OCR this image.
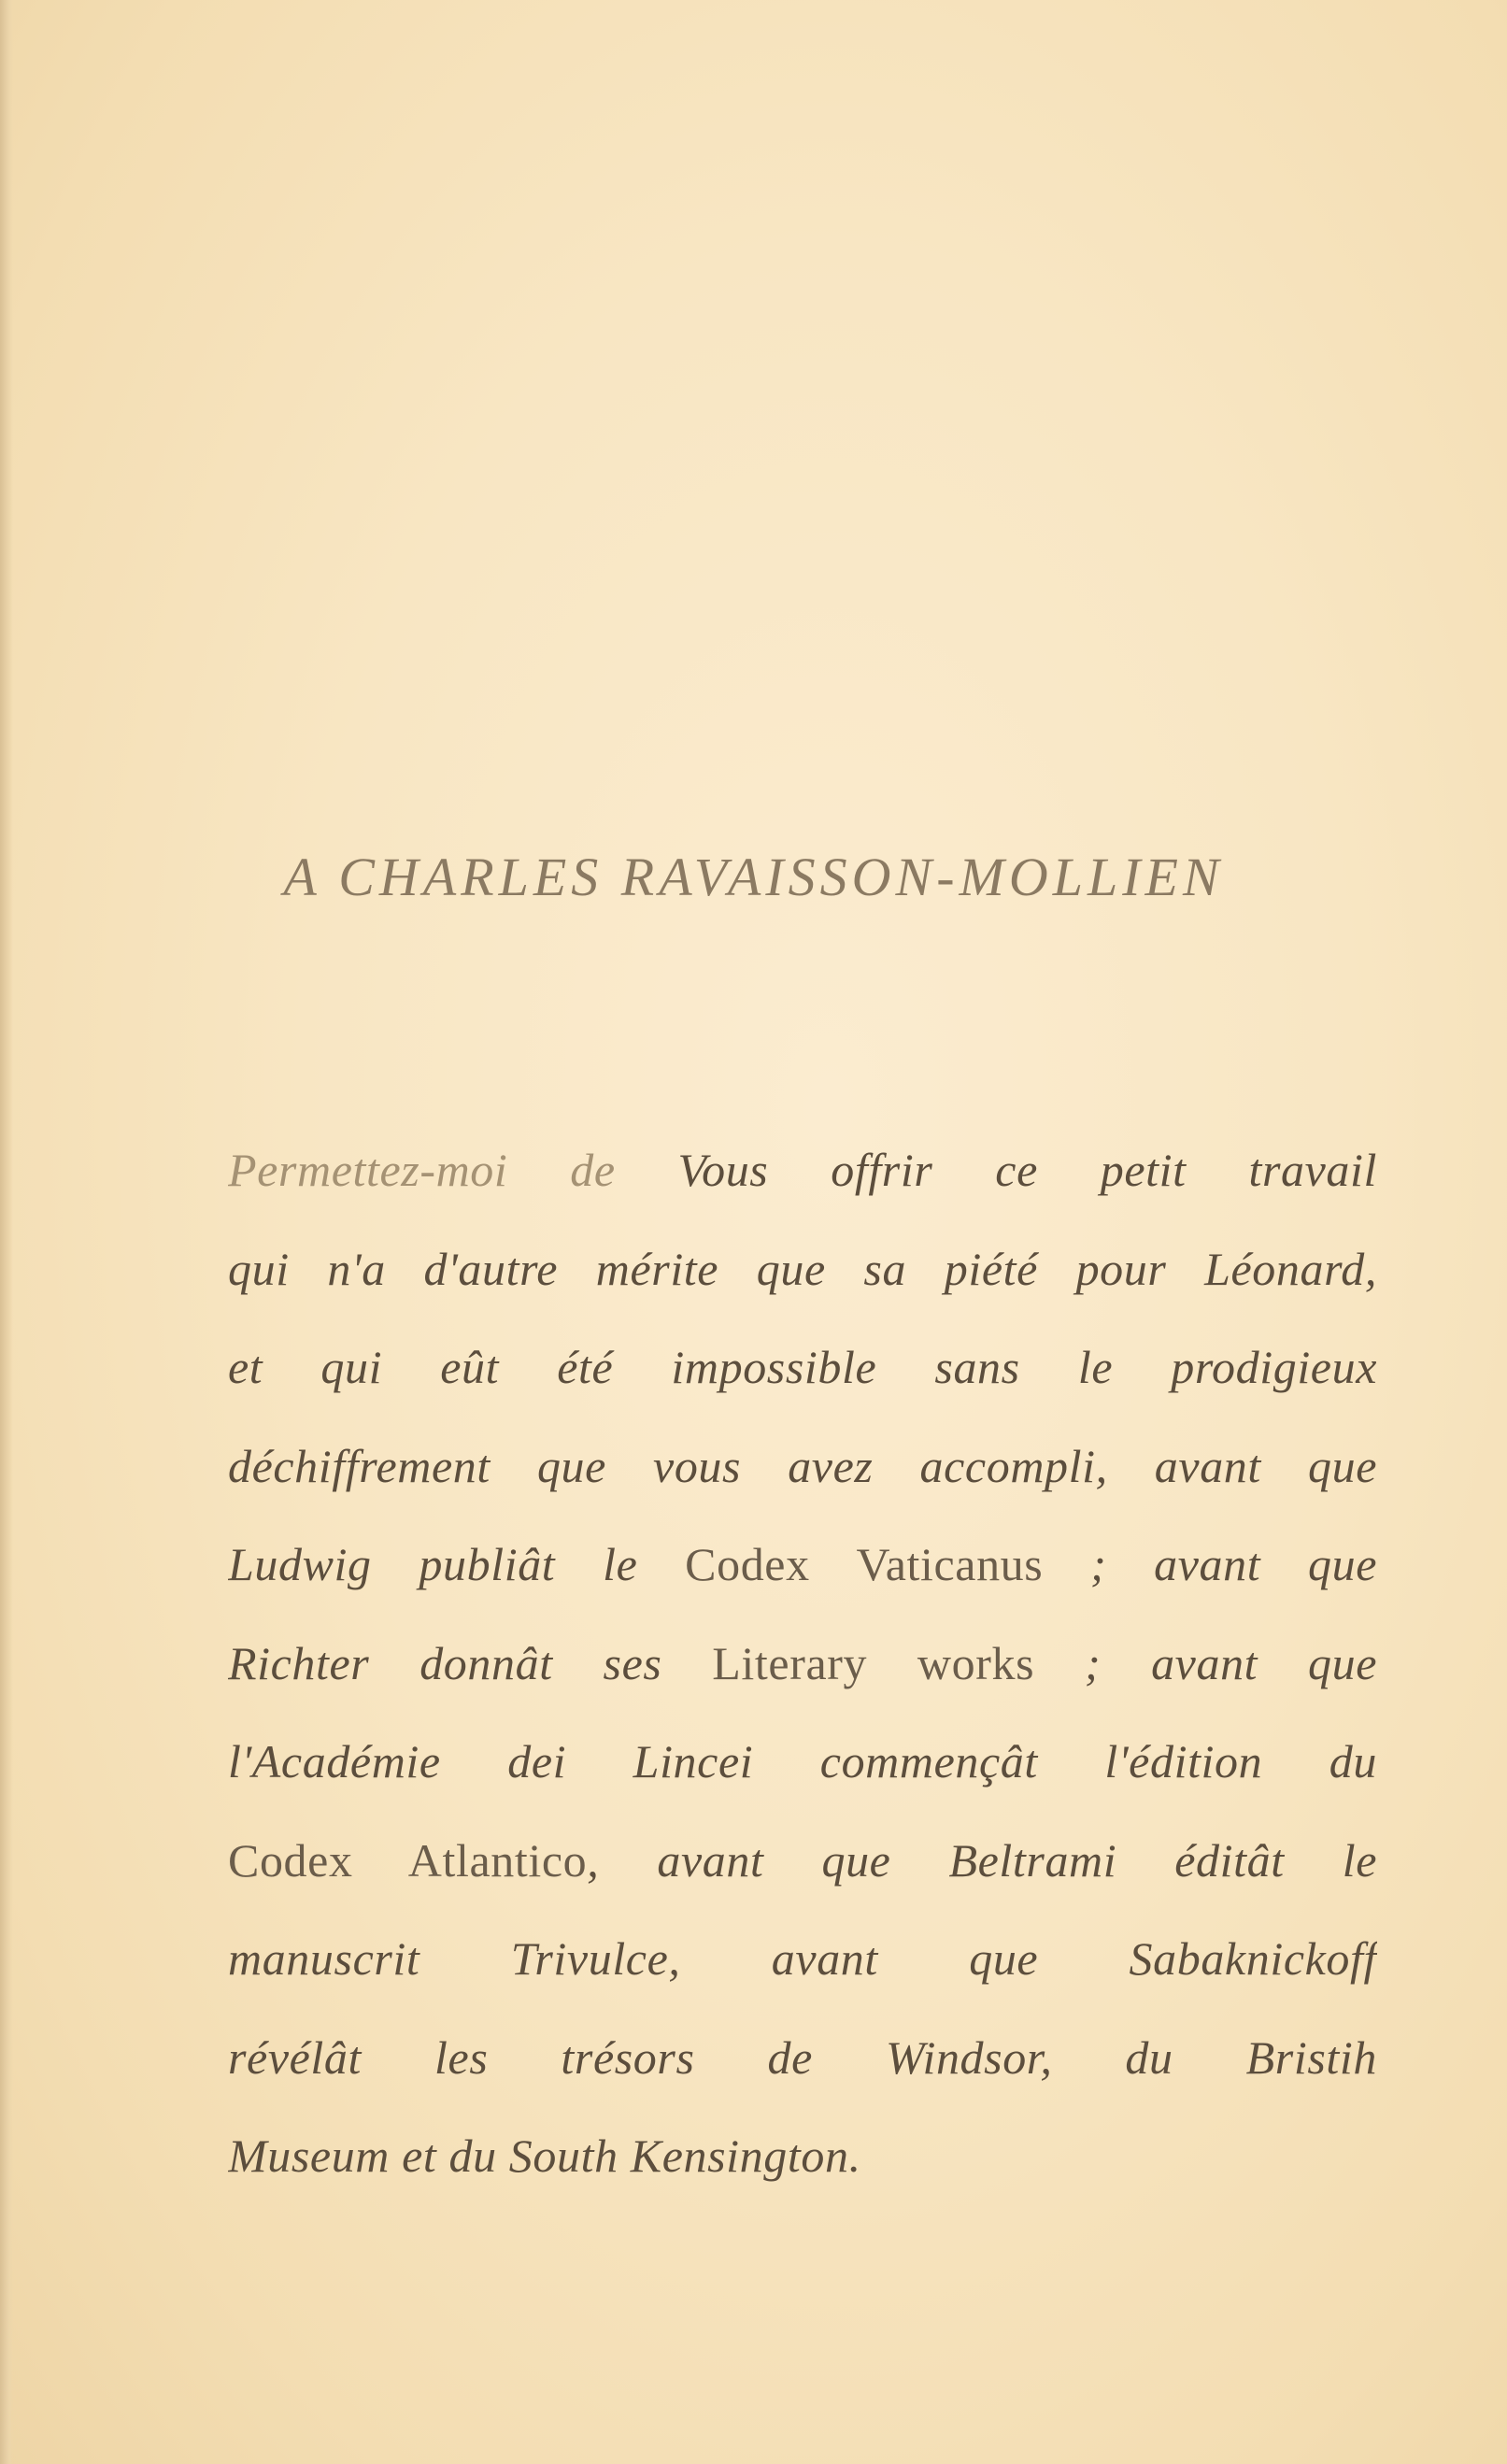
A CHARLES RAVAISSON-MOLLIEN
Permettez-moi de Vous offrir ce petit travail
qui n'a d'autre mérite que sa piété pour Léonard,
et qui eût été impossible sans le prodigieux
déchiffrement que vous avez accompli, avant que
Ludwig publiât le Codex Vaticanus ; avant que
Richter donnât ses Literary works ; avant que
l'Académie dei Lincei commençât l'édition du
Codex Atlantico, avant que Beltrami éditât le
manuscrit Trivulce, avant que Sabaknickoff
révélât les trésors de Windsor, du Bristih
Museum et du South Kensington.
